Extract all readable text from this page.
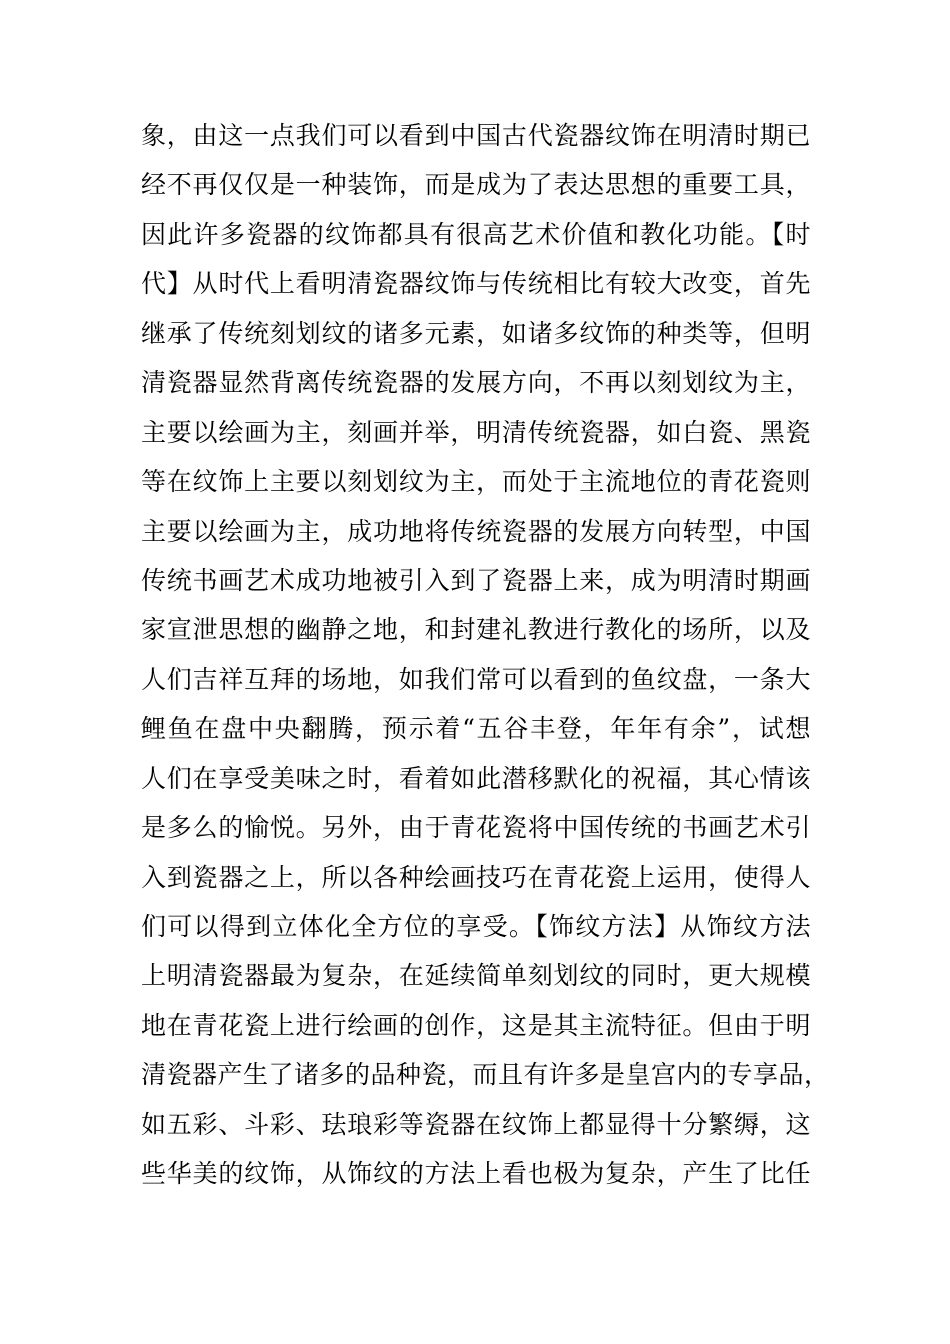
象，由这一点我们可以看到中国古代瓷器纹饰在明清时期已
经不再仅仅是一种装饰，而是成为了表达思想的重要工具，
因此许多瓷器的纹饰都具有很高艺术价值和教化功能。【时
代】从时代上看明清瓷器纹饰与传统相比有较大改变，首先
继承了传统刻划纹的诸多元素，如诸多纹饰的种类等，但明
清瓷器显然背离传统瓷器的发展方向，不再以刻划纹为主，
主要以绘画为主，刻画并举，明清传统瓷器，如白瓷、黑瓷
等在纹饰上主要以刻划纹为主，而处于主流地位的青花瓷则
主要以绘画为主，成功地将传统瓷器的发展方向转型，中国
传统书画艺术成功地被引入到了瓷器上来，成为明清时期画
家宣泄思想的幽静之地，和封建礼教进行教化的场所，以及
人们吉祥互拜的场地，如我们常可以看到的鱼纹盘，一条大
鲤鱼在盘中央翻腾，预示着“五谷丰登，年年有余”，试想
人们在享受美味之时，看着如此潜移默化的祝福，其心情该
是多么的愉悦。另外，由于青花瓷将中国传统的书画艺术引
入到瓷器之上，所以各种绘画技巧在青花瓷上运用，使得人
们可以得到立体化全方位的享受。【饰纹方法】从饰纹方法
上明清瓷器最为复杂，在延续简单刻划纹的同时，更大规模
地在青花瓷上进行绘画的创作，这是其主流特征。但由于明
清瓷器产生了诸多的品种瓷，而且有许多是皇宫内的专享品，
如五彩、斗彩、珐琅彩等瓷器在纹饰上都显得十分繁缛，这
些华美的纹饰，从饰纹的方法上看也极为复杂，产生了比任
